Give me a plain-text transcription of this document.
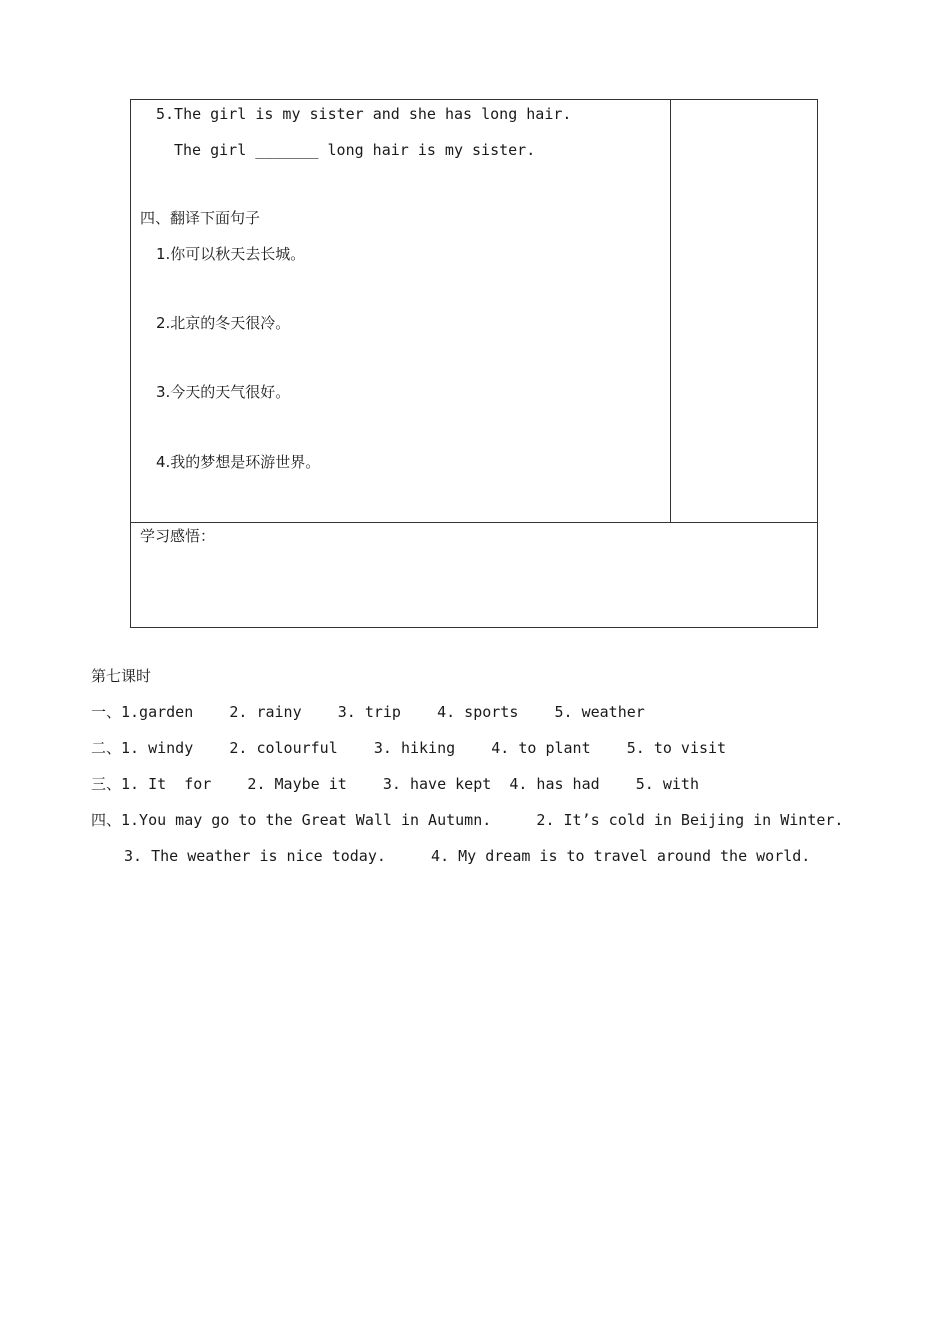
5.The girl is my sister and she has long hair.
The girl _______ long hair is my sister.
四、翻译下面句子
1.你可以秋天去长城。
2.北京的冬天很冷。
3.今天的天气很好。
4.我的梦想是环游世界。
学习感悟：
第七课时
一、1.garden    2. rainy    3. trip    4. sports    5. weather
二、1. windy    2. colourful    3. hiking    4. to plant    5. to visit
三、1. It  for    2. Maybe it    3. have kept  4. has had    5. with
四、1.You may go to the Great Wall in Autumn.     2. It’s cold in Beijing in Winter.
3. The weather is nice today.     4. My dream is to travel around the world.
